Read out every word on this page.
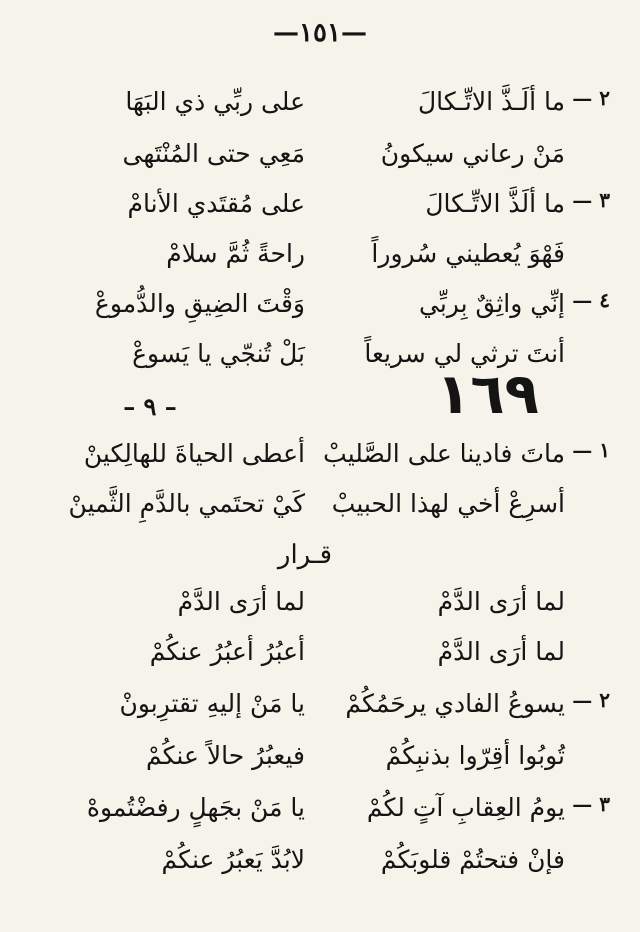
—١٥١—
٢ —
ما ألَـذَّ الاتِّـكالَ
على ربِّي ذي البَهَا
مَنْ رعاني سيكونُ
مَعِي حتى المُنْتَهى
٣ —
ما ألَذَّ الاتِّـكالَ
على مُقتَدي الأنامْ
فَهْوَ يُعطيني سُروراً
راحةً ثُمَّ سلامْ
٤ —
إنِّي واثِقٌ بِربِّي
وَقْتَ الضِيقِ والدُّموعْ
أنتَ ترثي لي سريعاً
بَلْ تُنجّي يا يَسوعْ
– ٩ –	١٦٩
١ —
ماتَ فادينا على الصَّليبْ
أعطى الحياةَ للهالِكينْ
أسرِعْ أخي لهذا الحبيبْ
كَيْ تحتَمي بالدَّمِ الثَّمينْ
قـرار
لما أرَى الدَّمْ
لما أرَى الدَّمْ
لما أرَى الدَّمْ
أعبُرُ أعبُرُ عنكُمْ
٢ —
يسوعُ الفادي يرحَمُكُمْ
يا مَنْ إليهِ تقترِبونْ
تُوبُوا أقِرّوا بذنبِكُمْ
فيعبُرُ حالاً عنكُمْ
٣ —
يومُ العِقابِ آتٍ لكُمْ
يا مَنْ بجَهلٍ رفضْتُموهْ
فإنْ فتحتُمْ قلوبَكُمْ
لابُدَّ يَعبُرُ عنكُمْ
